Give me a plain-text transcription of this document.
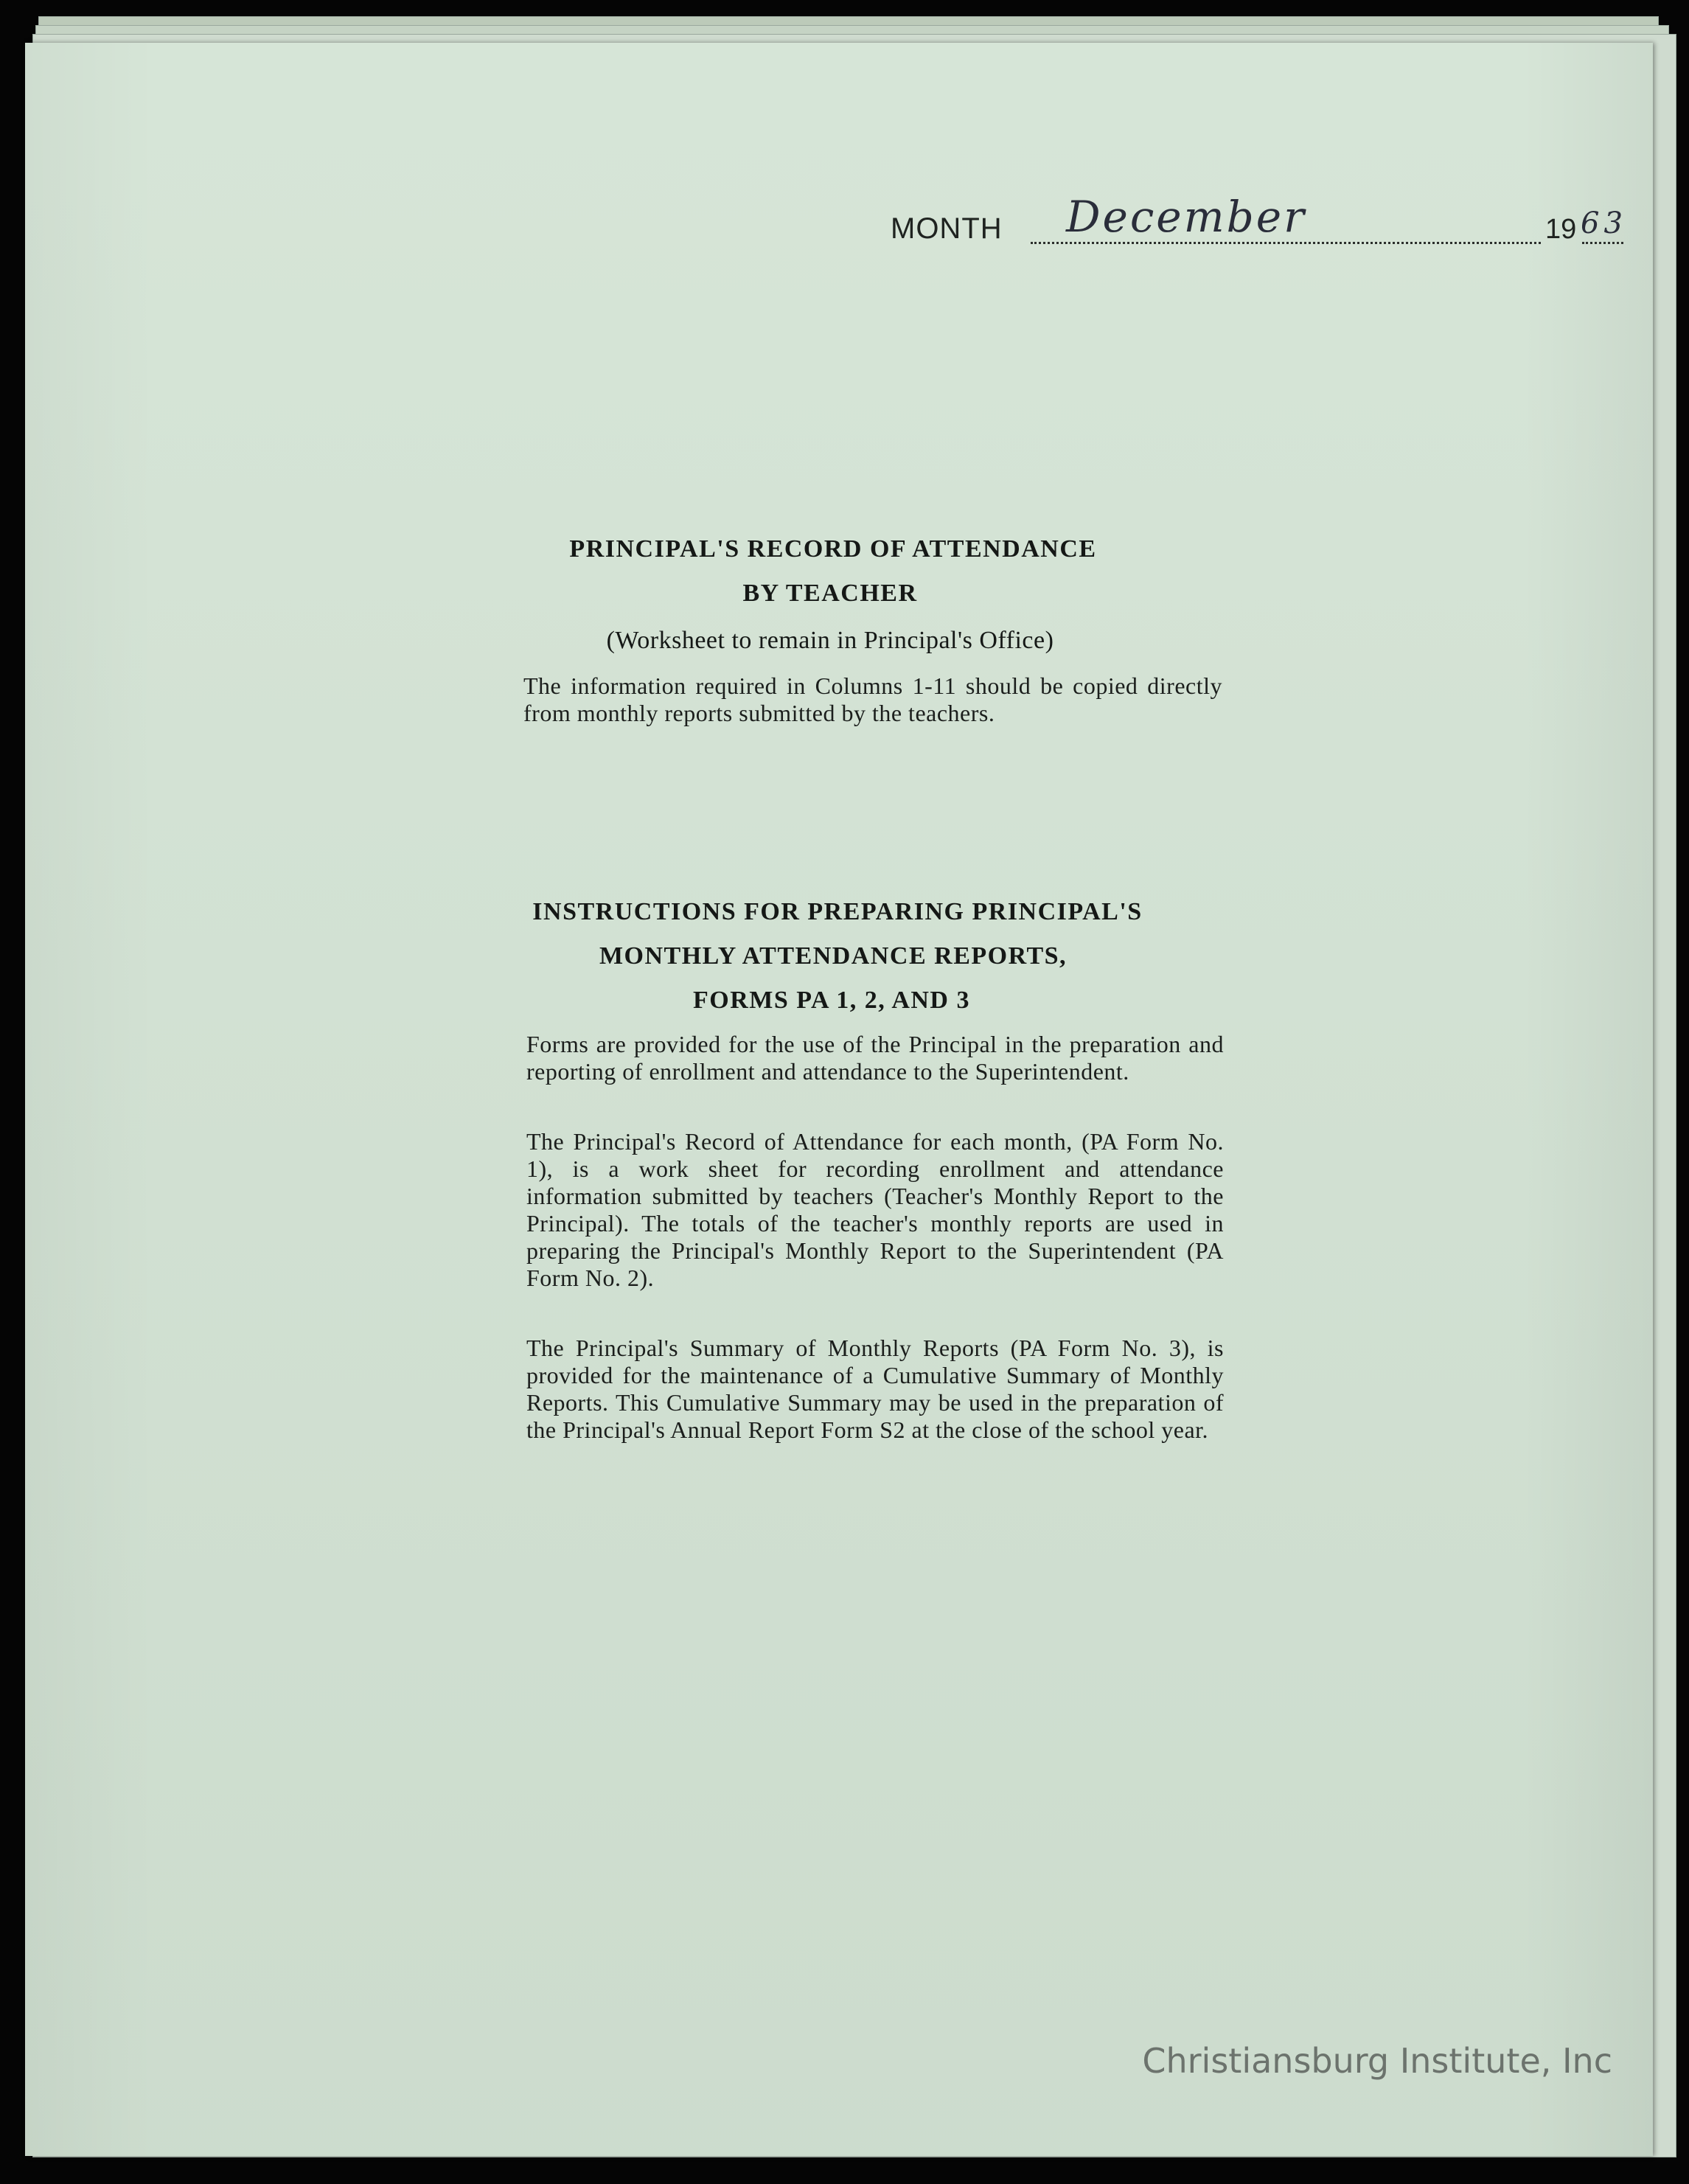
MONTH December	19 63
PRINCIPAL'S RECORD OF ATTENDANCE
BY TEACHER
(Worksheet to remain in Principal's Office)
The information required in Columns 1-11 should be copied directly from monthly reports submitted by the teachers.
INSTRUCTIONS FOR PREPARING PRINCIPAL'S
MONTHLY ATTENDANCE REPORTS,
FORMS PA 1, 2, AND 3
Forms are provided for the use of the Principal in the preparation and reporting of enrollment and attendance to the Superintendent.
The Principal's Record of Attendance for each month, (PA Form No. 1), is a work sheet for recording enrollment and attendance information submitted by teachers (Teacher's Monthly Report to the Principal). The totals of the teacher's monthly reports are used in preparing the Principal's Monthly Report to the Superintendent (PA Form No. 2).
The Principal's Summary of Monthly Reports (PA Form No. 3), is provided for the maintenance of a Cumulative Summary of Monthly Reports. This Cumulative Summary may be used in the preparation of the Principal's Annual Report Form S2 at the close of the school year.
Christiansburg Institute, Inc
